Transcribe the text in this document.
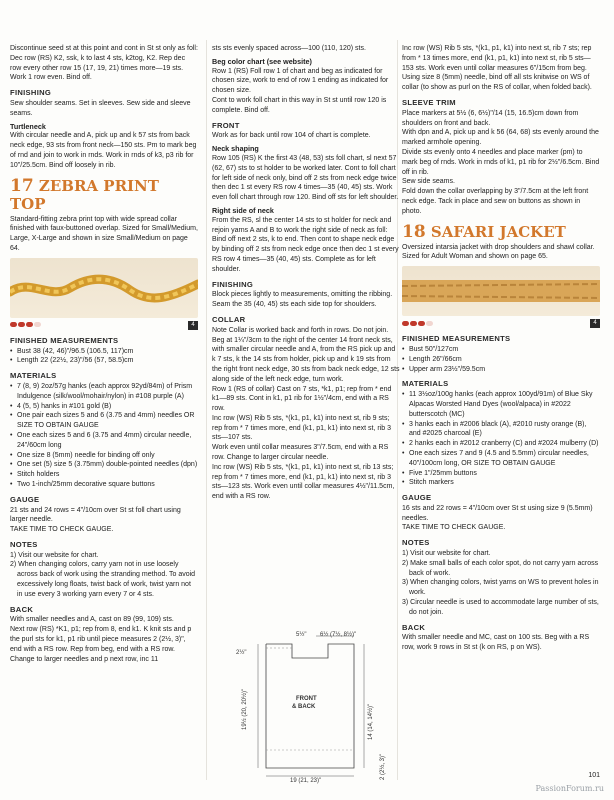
Discontinue seed st at this point and cont in St st only as foll: Dec row (RS) K2, ssk, k to last 4 sts, k2tog, K2. Rep dec row every other row 15 (17, 19, 21) times more—19 sts.

Work 1 row even. Bind off.

FINISHING

Sew shoulder seams. Set in sleeves. Sew side and sleeve seams.

Turtleneck

With circular needle and A, pick up and k 57 sts from back neck edge, 93 sts from front neck—150 sts. Pm to mark beg of rnd and join to work in rnds. Work in rnds of k3, p3 rib for 10"/25.5cm. Bind off loosely in rib.

17 ZEBRA PRINT TOP

Standard-fitting zebra print top with wide spread collar finished with faux-buttoned overlap. Sized for Small/Medium, Large, X-Large and shown in size Small/Medium on page 64.

4
FINISHED MEASUREMENTS
• Bust 38 (42, 46)"/96.5 (106.5, 117)cm
• Length 22 (22½, 23)"/56 (57, 58.5)cm
MATERIALS
• 7 (8, 9) 2oz/57g hanks (each approx 92yd/84m) of Prism Indulgence (silk/wool/mohair/nylon) in #108 purple (A)
• 4 (5, 5) hanks in #101 gold (B)
• One pair each sizes 5 and 6 (3.75 and 4mm) needles OR SIZE TO OBTAIN GAUGE
• One each sizes 5 and 6 (3.75 and 4mm) circular needle, 24"/60cm long
• One size 8 (5mm) needle for binding off only
• One set (5) size 5 (3.75mm) double-pointed needles (dpn)
• Stitch holders
• Two 1-inch/25mm decorative square buttons
GAUGE

21 sts and 24 rows = 4"/10cm over St st foll chart using larger needle.

TAKE TIME TO CHECK GAUGE.

NOTES
1) Visit our website for chart.
2) When changing colors, carry yarn not in use loosely across back of work using the stranding method. To avoid excessively long floats, twist back of work, twist yarn not in use every 3 working yarn every 7 or 4 sts.
BACK

With smaller needles and A, cast on 89 (99, 109) sts.

Next row (RS) *K1, p1; rep from 8, end k1. K knit sts and p the purl sts for k1, p1 rib until piece measures 2 (2½, 3)", end with a RS row. Rep from beg, end with a RS row.

Change to larger needles and p next row, inc 11

sts sts evenly spaced across—100 (110, 120) sts.

Beg color chart (see website)

Row 1 (RS) Foll row 1 of chart and beg as indicated for chosen size, work to end of row 1 ending as indicated for chosen size.

Cont to work foll chart in this way in St st until row 120 is complete. Bind off.

FRONT

Work as for back until row 104 of chart is complete.

Neck shaping

Row 105 (RS) K the first 43 (48, 53) sts foll chart, sl next 57 (62, 67) sts to st holder to be worked later. Cont to foll chart for left side of neck only, bind off 2 sts from neck edge twice then dec 1 st every RS row 4 times—35 (40, 45) sts. Work even foll chart through row 120. Bind off sts for left shoulder.

Right side of neck

From the RS, sl the center 14 sts to st holder for neck and rejoin yarns A and B to work the right side of neck as foll:

Bind off next 2 sts, k to end. Then cont to shape neck edge by binding off 2 sts from neck edge once then dec 1 st every RS row 4 times—35 (40, 45) sts. Complete as for left shoulder.

FINISHING

Block pieces lightly to measurements, omitting the ribbing. Seam the 35 (40, 45) sts each side top for shoulders.

COLLAR

Note Collar is worked back and forth in rows. Do not join.

Beg at 1¼"/3cm to the right of the center 14 front neck sts, with smaller circular needle and A, from the RS pick up and k 7 sts, k the 14 sts from holder, pick up and k 19 sts from the right front neck edge, 30 sts from back neck edge, 12 sts along side of the left neck edge, turn work.

Row 1 (RS of collar) Cast on 7 sts, *k1, p1; rep from * end k1—89 sts. Cont in k1, p1 rib for 1½"/4cm, end with a RS row.

Inc row (WS) Rib 5 sts, *(k1, p1, k1) into next st, rib 9 sts; rep from * 7 times more, end (k1, p1, k1) into next st, rib 3 sts—107 sts.

Work even until collar measures 3"/7.5cm, end with a RS row. Change to larger circular needle.

Inc row (WS) Rib 5 sts, *(k1, p1, k1) into next st, rib 13 sts; rep from * 7 times more, end (k1, p1, k1) into next st, rib 3 sts—123 sts. Work even until collar measures 4½"/11.5cm, end with a RS row.

5½" 6½ (7½, 8½)"
2½"
19½ (20, 20½)"	FRONT
& BACK	14 (14, 14½)"
2 (2½, 3)"
19 (21, 23)"

Inc row (WS) Rib 5 sts, *(k1, p1, k1) into next st, rib 7 sts; rep from * 13 times more, end (k1, p1, k1) into next st, rib 5 sts—153 sts. Work even until collar measures 6"/15cm from beg.

Using size 8 (5mm) needle, bind off all sts knitwise on WS of collar (to show as purl on the RS of collar, when folded back).

SLEEVE TRIM

Place markers at 5½ (6, 6½)"/14 (15, 16.5)cm down from shoulders on front and back.

With dpn and A, pick up and k 56 (64, 68) sts evenly around the marked armhole opening.

Divide sts evenly onto 4 needles and place marker (pm) to mark beg of rnds. Work in rnds of k1, p1 rib for 2½"/6.5cm. Bind off in rib.

Sew side seams.

Fold down the collar overlapping by 3"/7.5cm at the left front neck edge. Tack in place and sew on buttons as shown in photo.

18 SAFARI JACKET

Oversized intarsia jacket with drop shoulders and shawl collar. Sized for Adult Woman and shown on page 65.

4
FINISHED MEASUREMENTS
• Bust 50"/127cm
• Length 26"/66cm
• Upper arm 23½"/59.5cm
MATERIALS
• 11 3½oz/100g hanks (each approx 100yd/91m) of Blue Sky Alpacas Worsted Hand Dyes (wool/alpaca) in #2022 butterscotch (MC)
• 3 hanks each in #2006 black (A), #2010 rusty orange (B), and #2025 charcoal (E)
• 2 hanks each in #2012 cranberry (C) and #2024 mulberry (D)
• One each sizes 7 and 9 (4.5 and 5.5mm) circular needles, 40"/100cm long, OR SIZE TO OBTAIN GAUGE
• Five 1"/25mm buttons
• Stitch markers
GAUGE

16 sts and 22 rows = 4"/10cm over St st using size 9 (5.5mm) needles.

TAKE TIME TO CHECK GAUGE.

NOTES
1) Visit our website for chart.
2) Make small balls of each color spot, do not carry yarn across back of work.
3) When changing colors, twist yarns on WS to prevent holes in work.
3) Circular needle is used to accommodate large number of sts, do not join.
BACK

With smaller needle and MC, cast on 100 sts. Beg with a RS row, work 9 rows in St st (k on RS, p on WS).

101
PassionForum.ru
